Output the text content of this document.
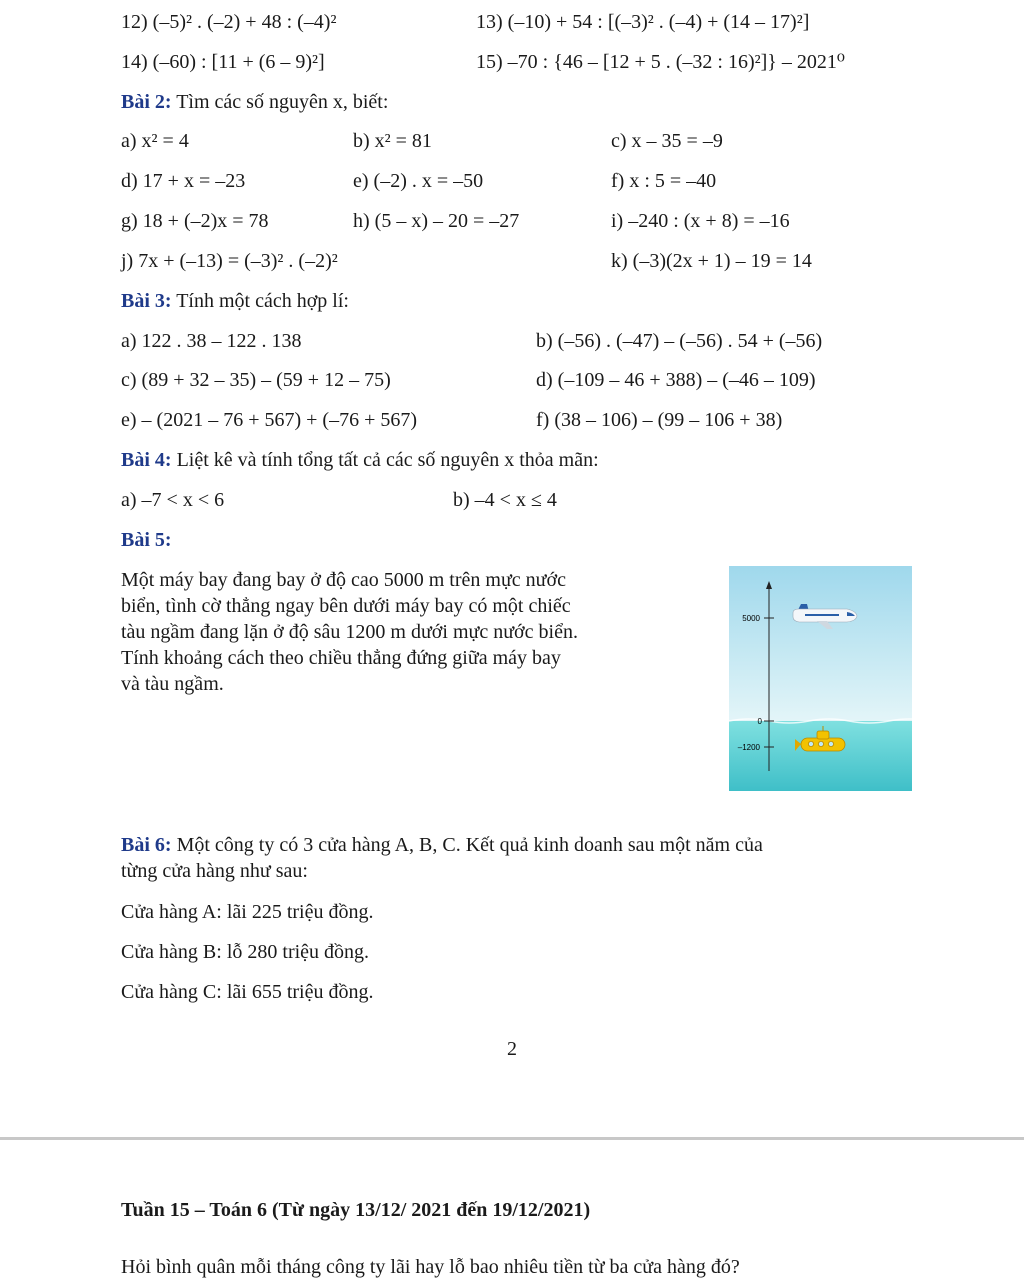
12) (–5)² . (–2) + 48 : (–4)²	13) (–10) + 54 : [(–3)² . (–4) + (14 – 17)²]
14) (–60) : [11 + (6 – 9)²]	15) –70 : {46 – [12 + 5 . (–32 : 16)²]} – 2021⁰
Bài 2: Tìm các số nguyên x, biết:
a) x² = 4	b) x² = 81	c) x – 35 = –9
d) 17 + x = –23	e) (–2) . x = –50	f) x : 5 = –40
g) 18 + (–2)x = 78	h) (5 – x) – 20 = –27	i) –240 : (x + 8) = –16
j) 7x + (–13) = (–3)² . (–2)²	k) (–3)(2x + 1) – 19 = 14
Bài 3: Tính một cách hợp lí:
a) 122 . 38 – 122 . 138	b) (–56) . (–47) – (–56) . 54 + (–56)
c) (89 + 32 – 35) – (59 + 12 – 75)	d) (–109 – 46 + 388) – (–46 – 109)
e) – (2021 – 76 + 567) + (–76 + 567)	f) (38 – 106) – (99 – 106 + 38)
Bài 4: Liệt kê và tính tổng tất cả các số nguyên x thỏa mãn:
a) –7 < x < 6	b) –4 < x ≤ 4
Bài 5:
Một máy bay đang bay ở độ cao 5000 m trên mực nước
biển, tình cờ thẳng ngay bên dưới máy bay có một chiếc
tàu ngầm đang lặn ở độ sâu 1200 m dưới mực nước biển.
Tính khoảng cách theo chiều thẳng đứng giữa máy bay
và tàu ngầm.
5000
0
–1200
Bài 6: Một công ty có 3 cửa hàng A, B, C. Kết quả kinh doanh sau một năm của
từng cửa hàng như sau:
Cửa hàng A: lãi 225 triệu đồng.
Cửa hàng B: lỗ 280 triệu đồng.
Cửa hàng C: lãi 655 triệu đồng.
2
Tuần 15 – Toán 6 (Từ ngày 13/12/ 2021 đến 19/12/2021)
Hỏi bình quân mỗi tháng công ty lãi hay lỗ bao nhiêu tiền từ ba cửa hàng đó?
